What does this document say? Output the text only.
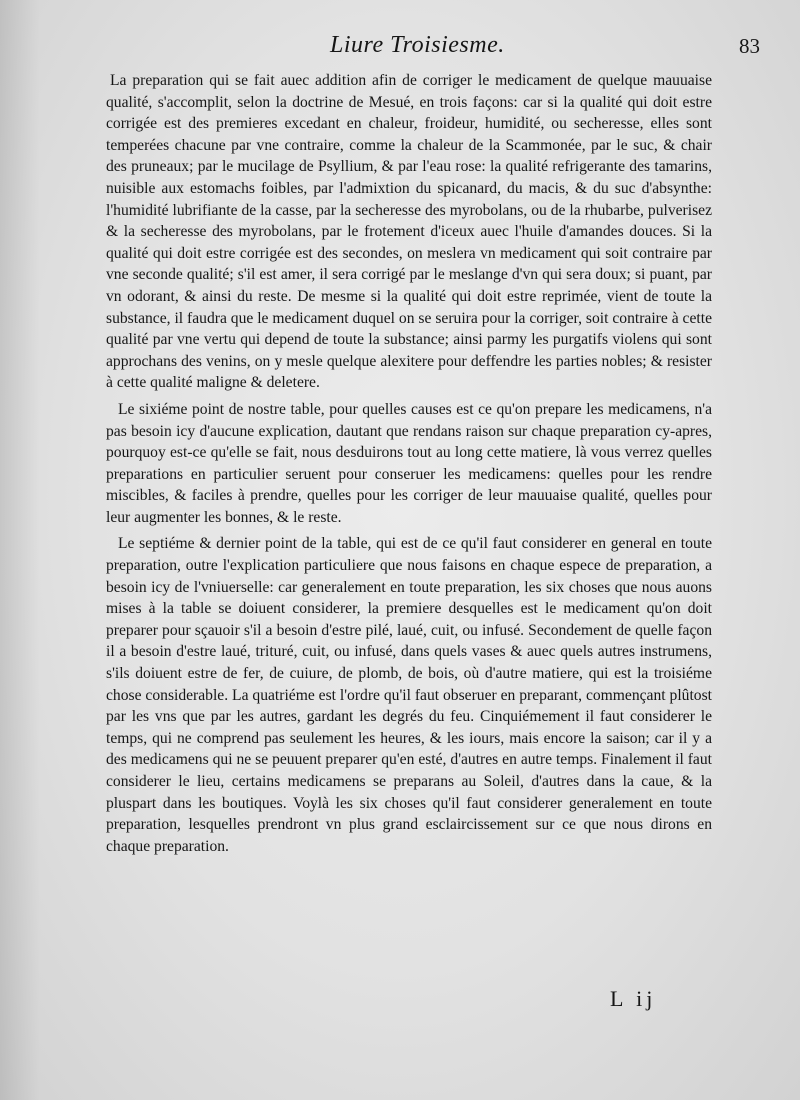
Liure Troisiesme.	83

La preparation qui se fait auec addition afin de corriger le medicament de quelque mauuaise qualité, s'accomplit, selon la doctrine de Mesué, en trois façons: car si la qualité qui doit estre corrigée est des premieres excedant en chaleur, froideur, humidité, ou secheresse, elles sont temperées chacune par vne contraire, comme la chaleur de la Scammonée, par le suc, & chair des pruneaux; par le mucilage de Psyllium, & par l'eau rose: la qualité refrigerante des tamarins, nuisible aux estomachs foibles, par l'admixtion du spicanard, du macis, & du suc d'absynthe: l'humidité lubrifiante de la casse, par la secheresse des myrobolans, ou de la rhubarbe, pulverisez & la secheresse des myrobolans, par le frotement d'iceux auec l'huile d'amandes douces. Si la qualité qui doit estre corrigée est des secondes, on meslera vn medicament qui soit contraire par vne seconde qualité; s'il est amer, il sera corrigé par le meslange d'vn qui sera doux; si puant, par vn odorant, & ainsi du reste. De mesme si la qualité qui doit estre reprimée, vient de toute la substance, il faudra que le medicament duquel on se seruira pour la corriger, soit contraire à cette qualité par vne vertu qui depend de toute la substance; ainsi parmy les purgatifs violens qui sont approchans des venins, on y mesle quelque alexitere pour deffendre les parties nobles; & resister à cette qualité maligne & deletere.

Le sixiéme point de nostre table, pour quelles causes est ce qu'on prepare les medicamens, n'a pas besoin icy d'aucune explication, dautant que rendans raison sur chaque preparation cy-apres, pourquoy est-ce qu'elle se fait, nous desduirons tout au long cette matiere, là vous verrez quelles preparations en particulier seruent pour conseruer les medicamens: quelles pour les rendre miscibles, & faciles à prendre, quelles pour les corriger de leur mauuaise qualité, quelles pour leur augmenter les bonnes, & le reste.

Le septiéme & dernier point de la table, qui est de ce qu'il faut considerer en general en toute preparation, outre l'explication particuliere que nous faisons en chaque espece de preparation, a besoin icy de l'vniuerselle: car generalement en toute preparation, les six choses que nous auons mises à la table se doiuent considerer, la premiere desquelles est le medicament qu'on doit preparer pour sçauoir s'il a besoin d'estre pilé, laué, cuit, ou infusé. Secondement de quelle façon il a besoin d'estre laué, trituré, cuit, ou infusé, dans quels vases & auec quels autres instrumens, s'ils doiuent estre de fer, de cuiure, de plomb, de bois, où d'autre matiere, qui est la troisiéme chose considerable. La quatriéme est l'ordre qu'il faut obseruer en preparant, commençant plûtost par les vns que par les autres, gardant les degrés du feu. Cinquiémement il faut considerer le temps, qui ne comprend pas seulement les heures, & les iours, mais encore la saison; car il y a des medicamens qui ne se peuuent preparer qu'en esté, d'autres en autre temps. Finalement il faut considerer le lieu, certains medicamens se preparans au Soleil, d'autres dans la caue, & la pluspart dans les boutiques. Voylà les six choses qu'il faut considerer generalement en toute preparation, lesquelles prendront vn plus grand esclaircissement sur ce que nous dirons en chaque preparation.

L ij
